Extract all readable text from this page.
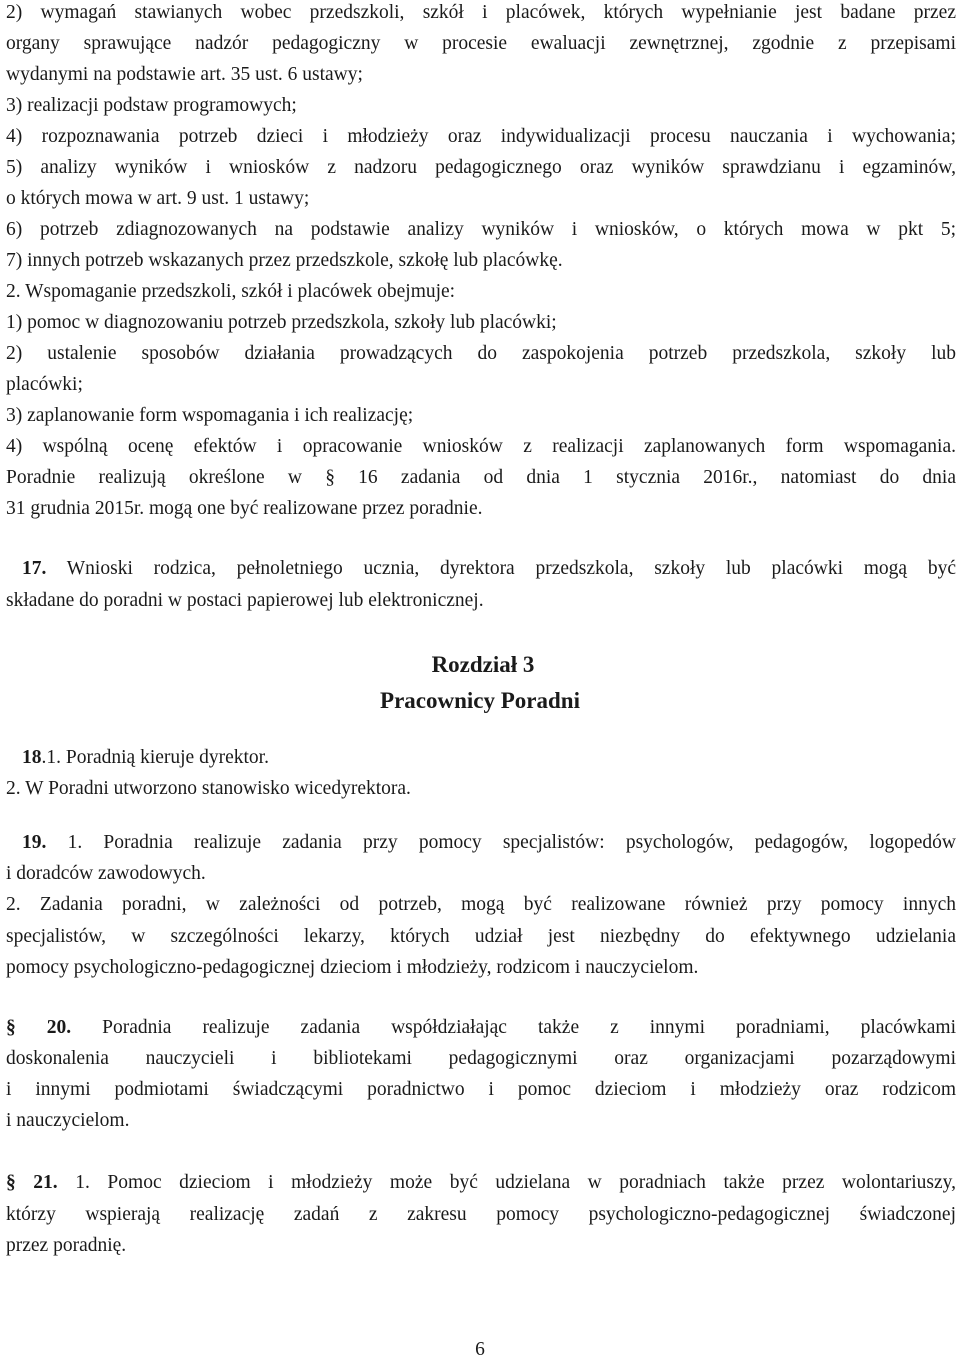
2) wymagań stawianych wobec przedszkoli, szkół i placówek, których wypełnianie jest badane przez
organy sprawujące nadzór pedagogiczny w procesie ewaluacji zewnętrznej, zgodnie z przepisami
wydanymi na podstawie art. 35 ust. 6 ustawy;
3) realizacji podstaw programowych;
4) rozpoznawania potrzeb dzieci i młodzieży oraz indywidualizacji procesu nauczania i wychowania;
5) analizy wyników i wniosków z nadzoru pedagogicznego oraz wyników sprawdzianu i egzaminów,
o których mowa w art. 9 ust. 1 ustawy;
6) potrzeb zdiagnozowanych na podstawie analizy wyników i wniosków, o których mowa w pkt 5;
7) innych potrzeb wskazanych przez przedszkole, szkołę lub placówkę.
2. Wspomaganie przedszkoli, szkół i placówek obejmuje:
1) pomoc w diagnozowaniu potrzeb przedszkola, szkoły lub placówki;
2) ustalenie sposobów działania prowadzących do zaspokojenia potrzeb przedszkola, szkoły lub
placówki;
3) zaplanowanie form wspomagania i ich realizację;
4) wspólną ocenę efektów i opracowanie wniosków z realizacji zaplanowanych form wspomagania.
Poradnie realizują określone w § 16 zadania od dnia 1 stycznia 2016r., natomiast do dnia
31 grudnia 2015r. mogą one być realizowane przez poradnie.
17. Wnioski rodzica, pełnoletniego ucznia, dyrektora przedszkola, szkoły lub placówki mogą być
składane do poradni w postaci papierowej lub elektronicznej.
Rozdział 3
Pracownicy Poradni
18.1. Poradnią kieruje dyrektor.
2. W Poradni utworzono stanowisko wicedyrektora.
19. 1. Poradnia realizuje zadania przy pomocy specjalistów: psychologów, pedagogów, logopedów
i doradców zawodowych.
2. Zadania poradni, w zależności od potrzeb, mogą być realizowane również przy pomocy innych
specjalistów, w szczególności lekarzy, których udział jest niezbędny do efektywnego udzielania
pomocy psychologiczno-pedagogicznej dzieciom i młodzieży, rodzicom i nauczycielom.
§ 20. Poradnia realizuje zadania współdziałając także z innymi poradniami, placówkami
doskonalenia nauczycieli i bibliotekami pedagogicznymi oraz organizacjami pozarządowymi
i innymi podmiotami świadczącymi poradnictwo i pomoc dzieciom i młodzieży oraz rodzicom
i nauczycielom.
§ 21. 1. Pomoc dzieciom i młodzieży może być udzielana w poradniach także przez wolontariuszy,
którzy wspierają realizację zadań z zakresu pomocy psychologiczno-pedagogicznej świadczonej
przez poradnię.
6
